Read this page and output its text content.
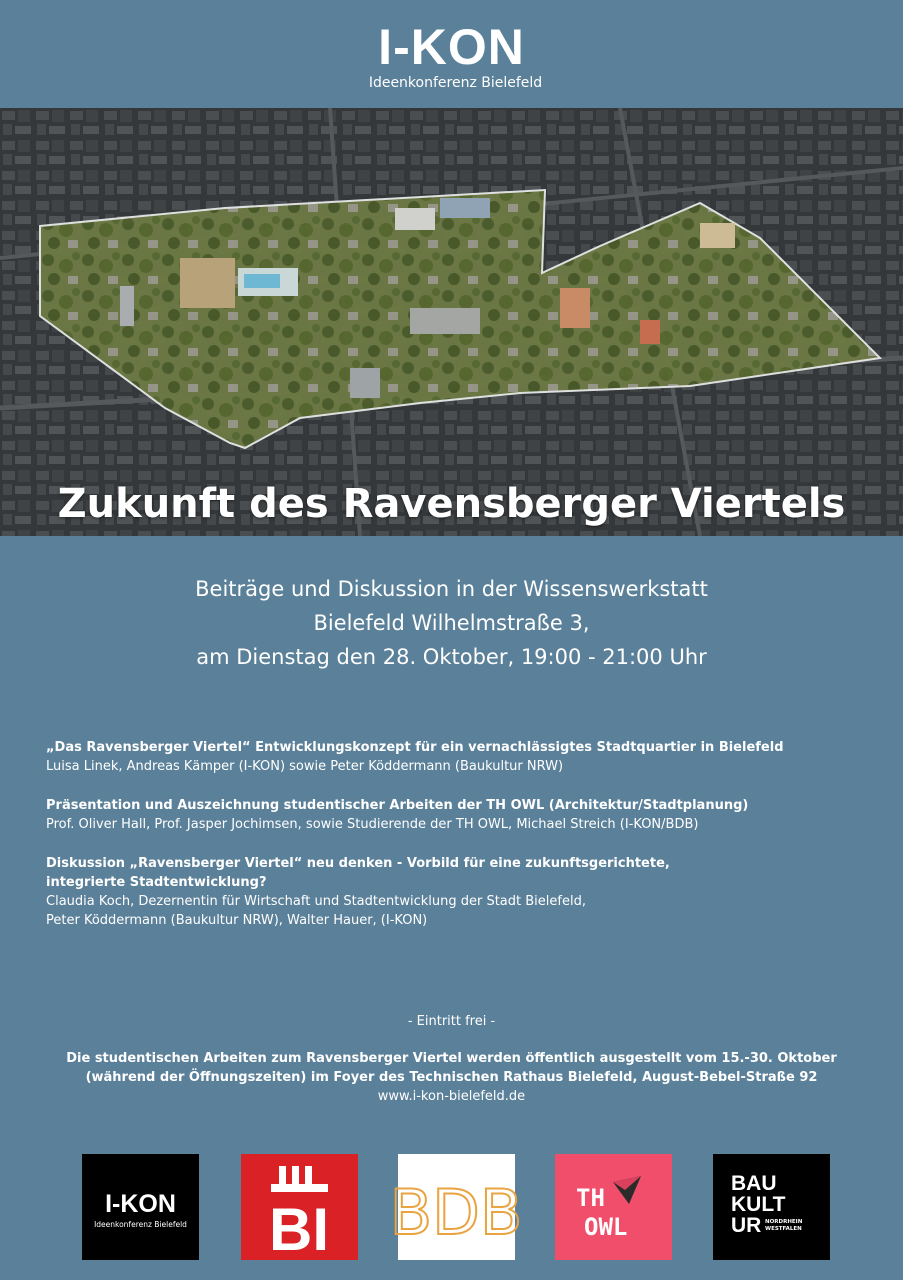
I-KON
Ideenkonferenz Bielefeld
Zukunft des Ravensberger Viertels
Beiträge und Diskussion in der Wissenswerkstatt
Bielefeld Wilhelmstraße 3,
am Dienstag den 28. Oktober, 19:00 - 21:00 Uhr
„Das Ravensberger Viertel“ Entwicklungskonzept für ein vernachlässigtes Stadtquartier in Bielefeld
Luisa Linek, Andreas Kämper (I-KON) sowie Peter Köddermann (Baukultur NRW)
Präsentation und Auszeichnung studentischer Arbeiten der TH OWL (Architektur/Stadtplanung)
Prof. Oliver Hall, Prof. Jasper Jochimsen, sowie Studierende der TH OWL, Michael Streich (I-KON/BDB)
Diskussion „Ravensberger Viertel“ neu denken - Vorbild für eine zukunftsgerichtete,
integrierte Stadtentwicklung?
Claudia Koch, Dezernentin für Wirtschaft und Stadtentwicklung der Stadt Bielefeld,
Peter Köddermann (Baukultur NRW), Walter Hauer, (I-KON)
- Eintritt frei -
Die studentischen Arbeiten zum Ravensberger Viertel werden öffentlich ausgestellt vom 15.-30. Oktober
(während der Öffnungszeiten) im Foyer des Technischen Rathaus Bielefeld, August-Bebel-Straße 92
www.i-kon-bielefeld.de
I-KON
Ideenkonferenz Bielefeld BI BDB TH
OWL
BAU
KULT
UR NORDRHEIN
WESTFALEN
